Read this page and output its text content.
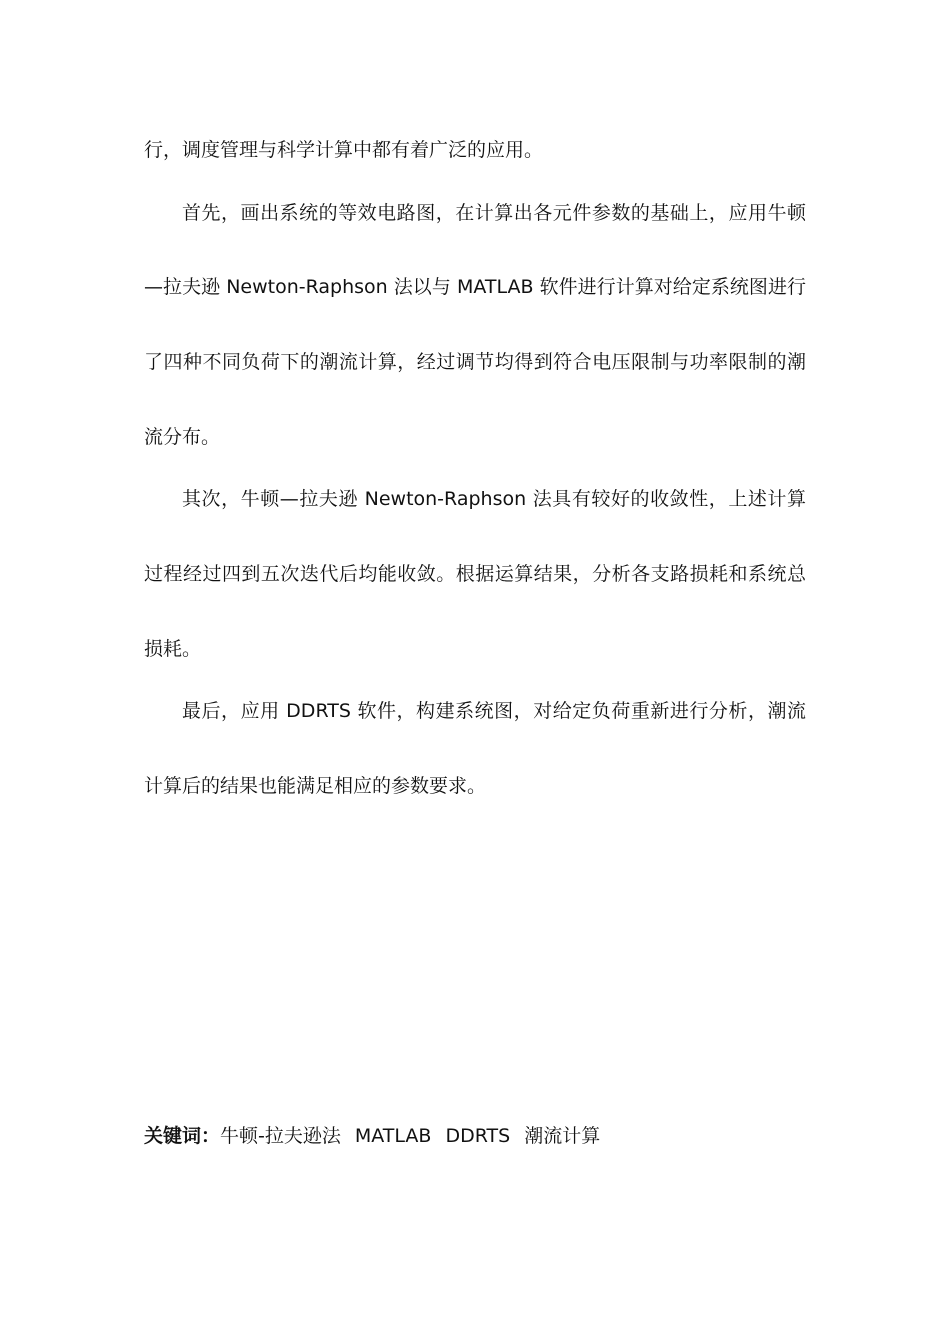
行，调度管理与科学计算中都有着广泛的应用。
首先，画出系统的等效电路图，在计算出各元件参数的基础上，应用牛顿
—拉夫逊 Newton-Raphson 法以与 MATLAB 软件进行计算对给定系统图进行
了四种不同负荷下的潮流计算，经过调节均得到符合电压限制与功率限制的潮
流分布。
其次，牛顿—拉夫逊 Newton-Raphson 法具有较好的收敛性，上述计算
过程经过四到五次迭代后均能收敛。根据运算结果，分析各支路损耗和系统总
损耗。
最后，应用 DDRTS 软件，构建系统图，对给定负荷重新进行分析，潮流
计算后的结果也能满足相应的参数要求。
关键词：牛顿-拉夫逊法 MATLAB DDRTS 潮流计算
